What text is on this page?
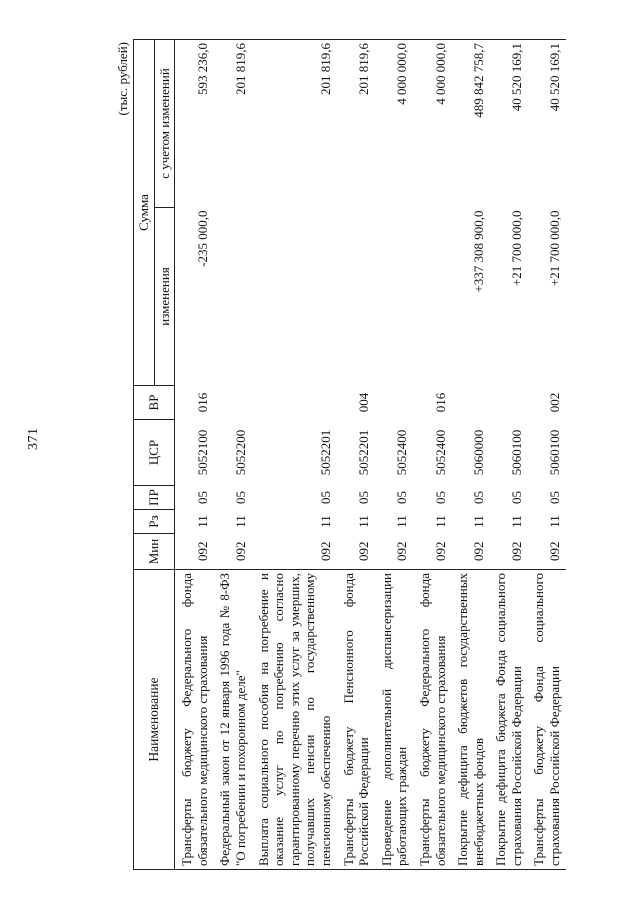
371
(тыс. рублей)
Наименование	Мин	Рз	ПР	ЦСР	ВР	Сумма	
						изменения	с учетом изменений
Трансферты бюджету Федерального фонда обязательного медицинского страхования	092	11	05	5052100	016	-235 000,0	593 236,0
Федеральный закон от 12 января 1996 года № 8-ФЗ "О погребении и похоронном деле"	092	11	05	5052200			201 819,6
Выплата социального пособия на погребение и оказание услуг по погребению согласно гарантированному перечню этих услуг за умерших, получавших пенсии по государственному пенсионному обеспечению	092	11	05	5052201			201 819,6
Трансферты бюджету Пенсионного фонда Российской Федерации	092	11	05	5052201	004		201 819,6
Проведение дополнительной диспансеризации работающих граждан	092	11	05	5052400			4 000 000,0
Трансферты бюджету Федерального фонда обязательного медицинского страхования	092	11	05	5052400	016		4 000 000,0
Покрытие дефицита бюджетов государственных внебюджетных фондов	092	11	05	5060000		+337 308 900,0	489 842 758,7
Покрытие дефицита бюджета Фонда социального страхования Российской Федерации	092	11	05	5060100		+21 700 000,0	40 520 169,1
Трансферты бюджету Фонда социального страхования Российской Федерации	092	11	05	5060100	002	+21 700 000,0	40 520 169,1
